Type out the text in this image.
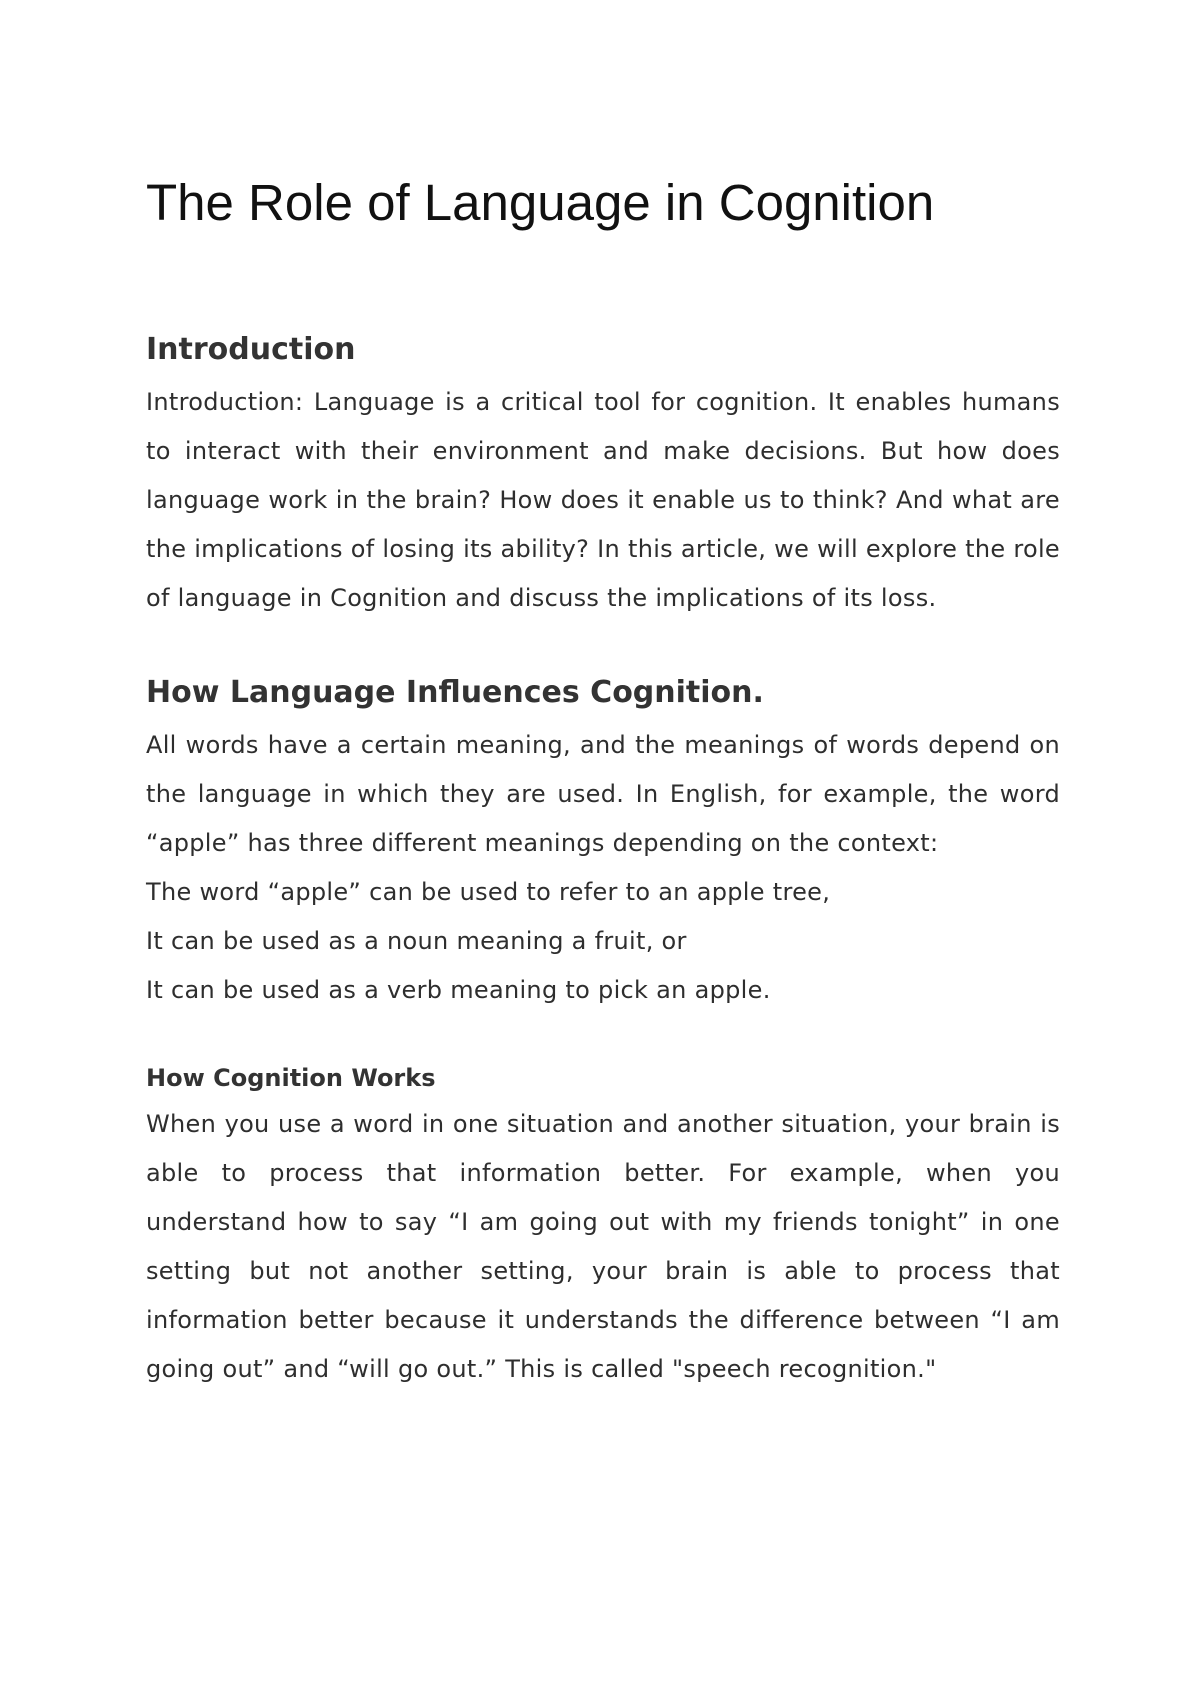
The Role of Language in Cognition
Introduction

Introduction: Language is a critical tool for cognition. It enables humans to interact with their environment and make decisions. But how does language work in the brain? How does it enable us to think? And what are the implications of losing its ability? In this article, we will explore the role of language in Cognition and discuss the implications of its loss.

How Language Influences Cognition.

All words have a certain meaning, and the meanings of words depend on the language in which they are used. In English, for example, the word “apple” has three different meanings depending on the context:

The word “apple” can be used to refer to an apple tree,

It can be used as a noun meaning a fruit, or

It can be used as a verb meaning to pick an apple.

How Cognition Works

When you use a word in one situation and another situation, your brain is able to process that information better. For example, when you understand how to say “I am going out with my friends tonight” in one setting but not another setting, your brain is able to process that information better because it understands the difference between “I am going out” and “will go out.” This is called "speech recognition."
